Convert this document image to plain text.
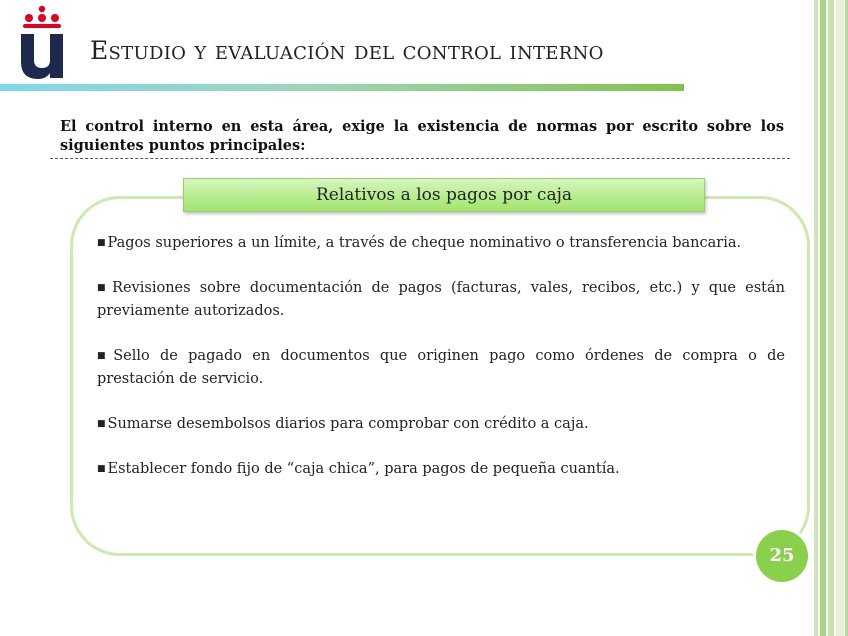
Estudio y evaluación del control interno
El control interno en esta área, exige la existencia de normas por escrito sobre los siguientes puntos principales:
Relativos a los pagos por caja
■ Pagos superiores a un límite, a través de cheque nominativo o transferencia bancaria.
■ Revisiones sobre documentación de pagos (facturas, vales, recibos, etc.) y que están previamente autorizados.
■ Sello de pagado en documentos que originen pago como órdenes de compra o de prestación de servicio.
■ Sumarse desembolsos diarios para comprobar con crédito a caja.
■ Establecer fondo fijo de “caja chica”, para pagos de pequeña cuantía.
25
